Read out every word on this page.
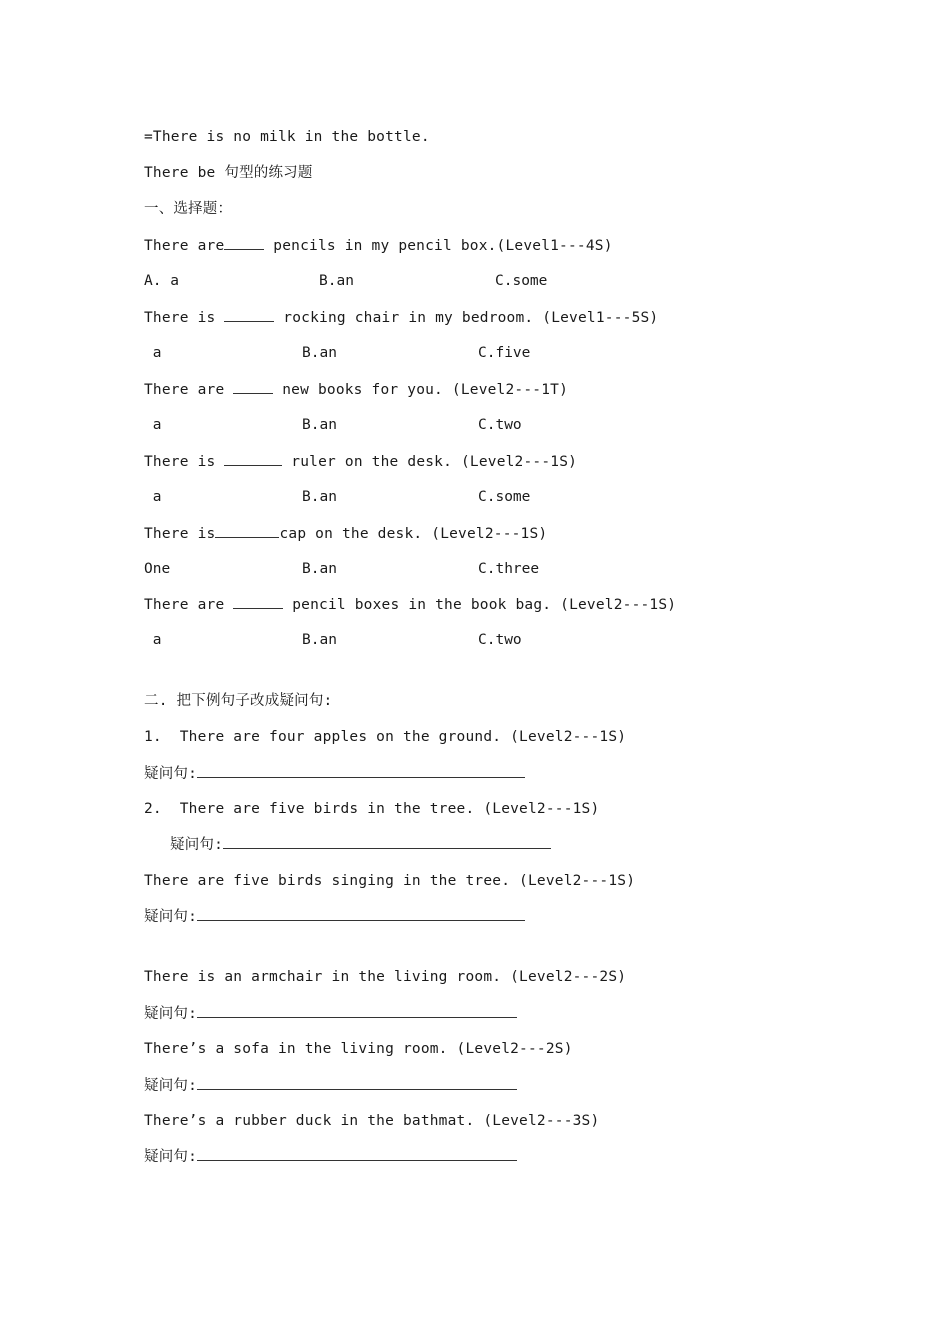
=There is no milk in the bottle.
There be 句型的练习题
一、选择题：
There are	pencils in my pencil box.(Level1---4S)
A. a	B.an	C.some
There is	rocking chair in my bedroom. (Level1---5S)
a	B.an	C.five
There are	new books for you. (Level2---1T)
a	B.an	C.two
There is	ruler on the desk. (Level2---1S)
a	B.an	C.some
There is	cap on the desk. (Level2---1S)
One	B.an	C.three
There are	pencil boxes in the book bag. (Level2---1S)
a	B.an	C.two
二. 把下例句子改成疑问句:
1.  There are four apples on the ground. (Level2---1S)
疑问句:
2.  There are five birds in the tree. (Level2---1S)
疑问句:
There are five birds singing in the tree. (Level2---1S)
疑问句:
There is an armchair in the living room. (Level2---2S)
疑问句:
There’s a sofa in the living room. (Level2---2S)
疑问句:
There’s a rubber duck in the bathmat. (Level2---3S)
疑问句:
